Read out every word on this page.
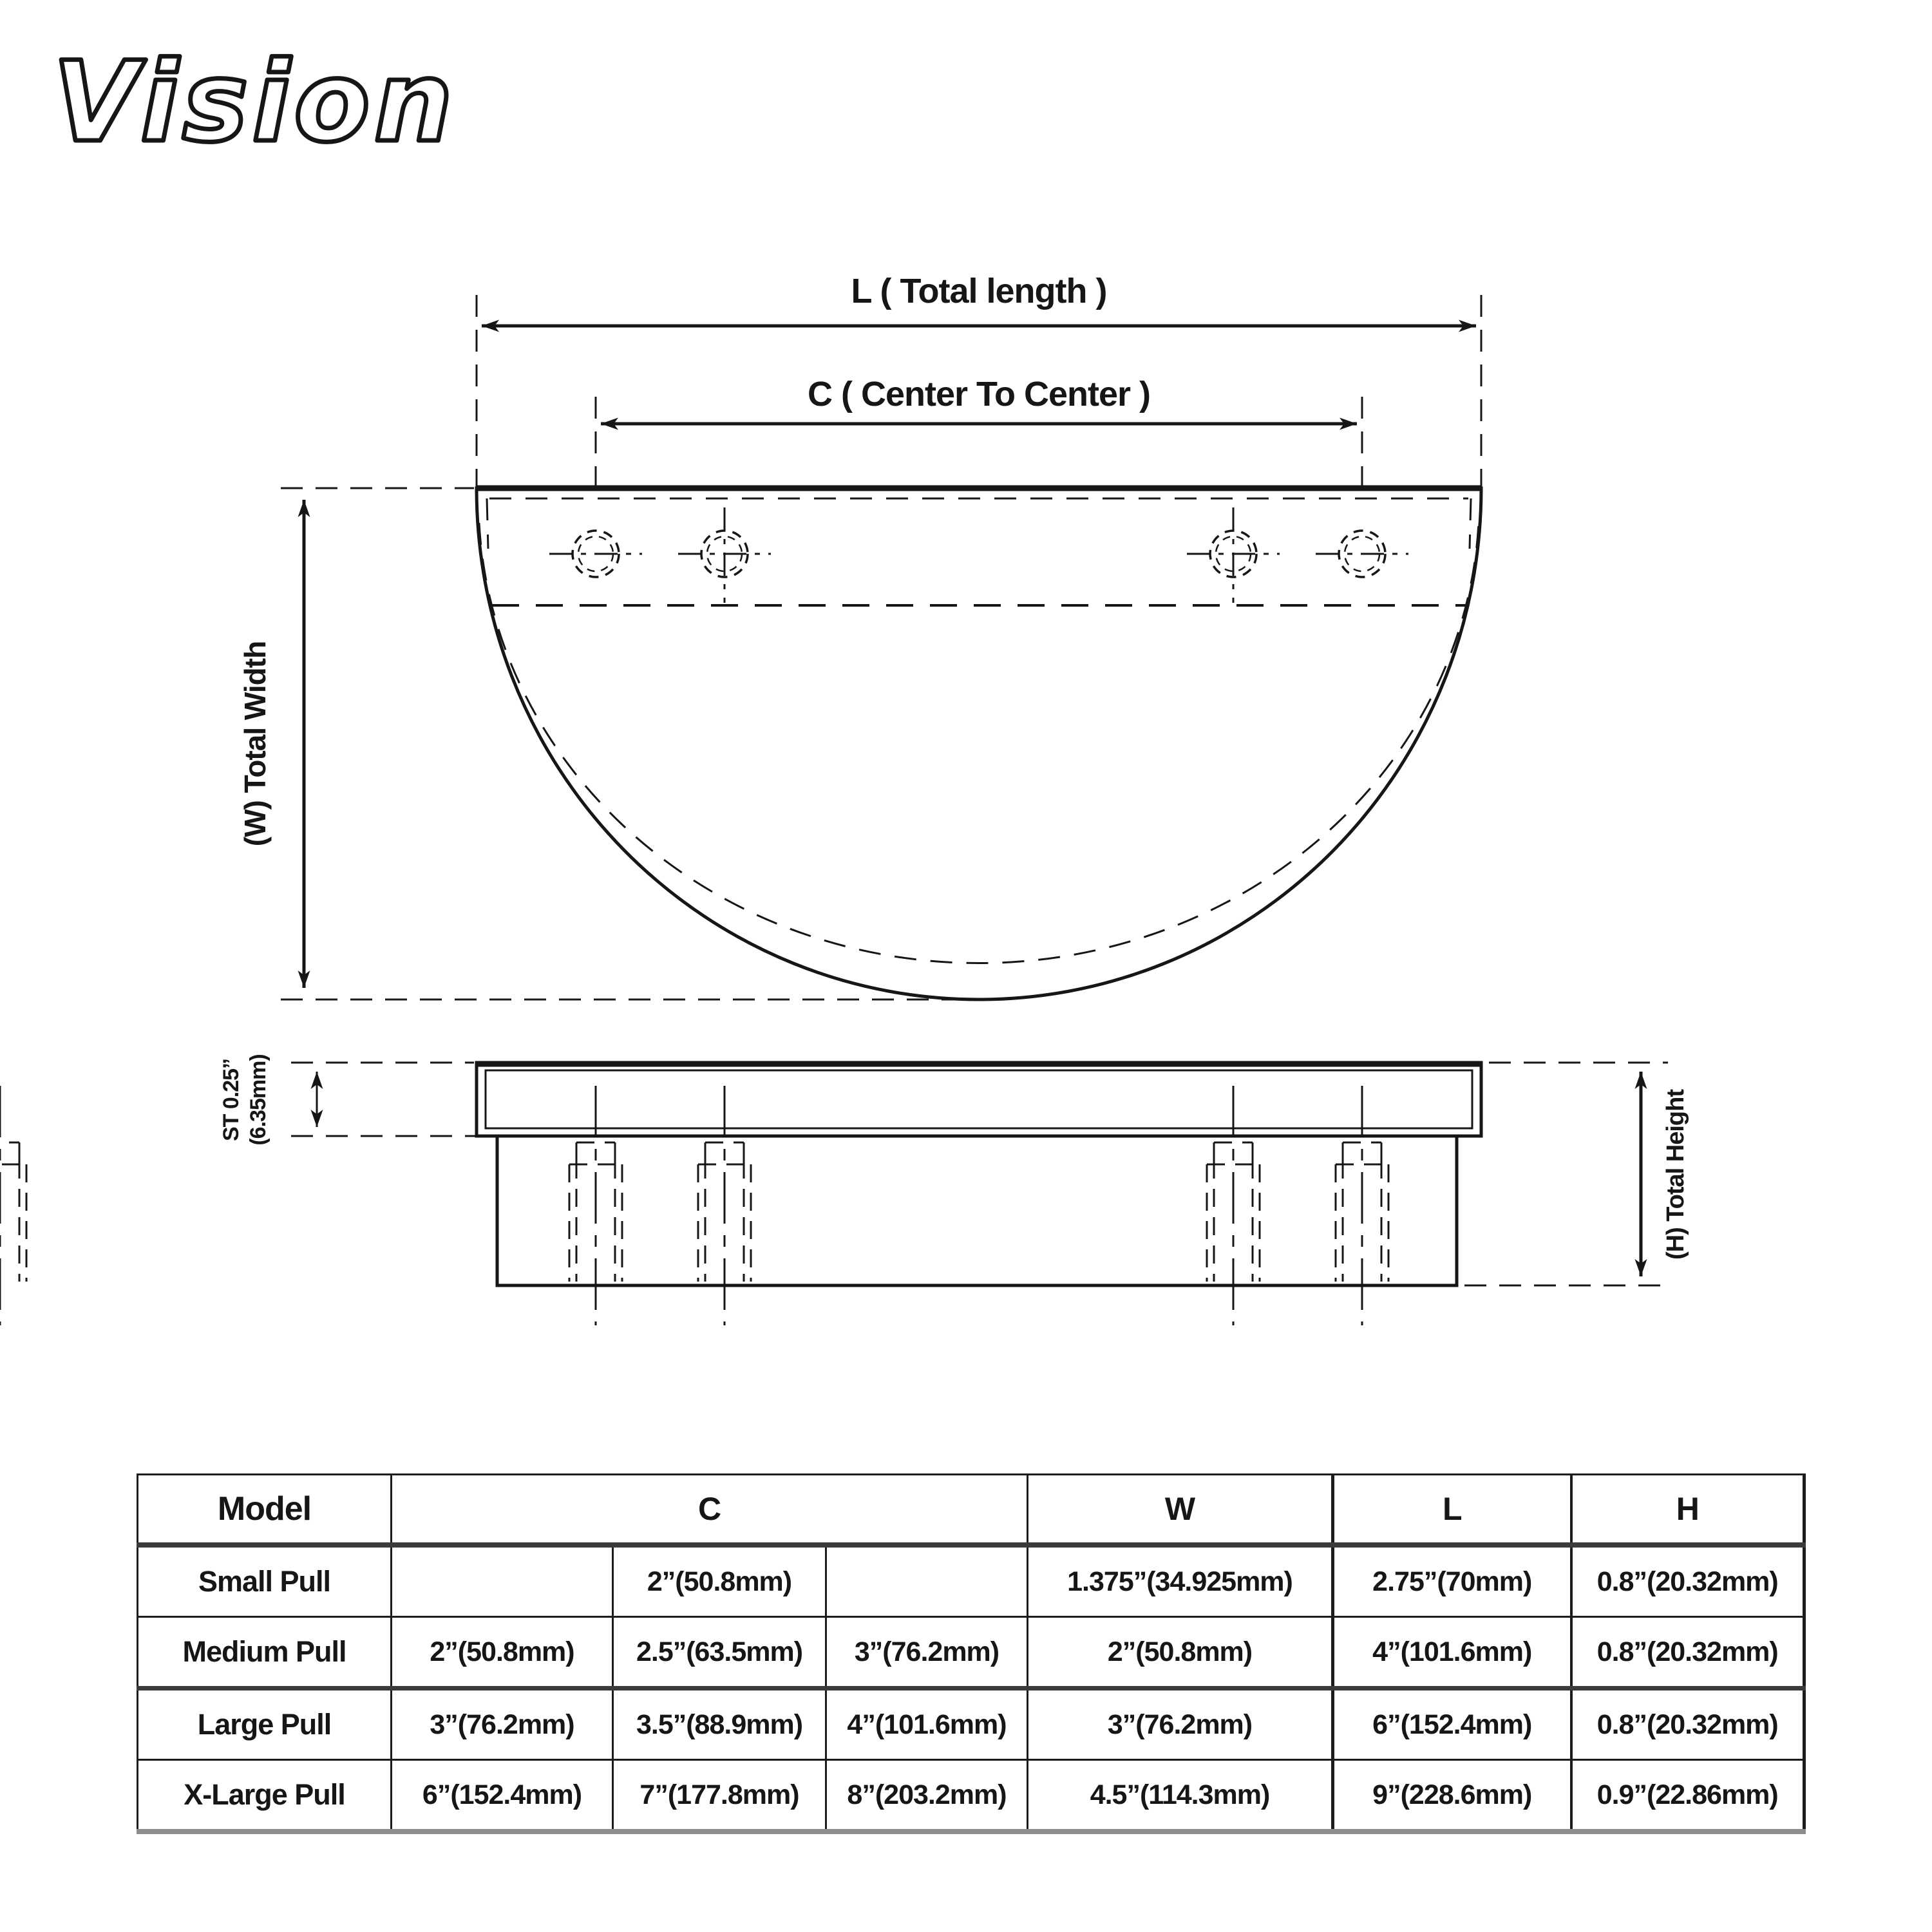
Vision
L ( Total length )
C ( Center To Center )
(W) Total Width
ST 0.25” (6.35mm)	(H) Total Height
Model	C			W	L	H
Small Pull		2”(50.8mm)		1.375”(34.925mm)	2.75”(70mm)	0.8”(20.32mm)
Medium Pull	2”(50.8mm)	2.5”(63.5mm)	3”(76.2mm)	2”(50.8mm)	4”(101.6mm)	0.8”(20.32mm)
Large Pull	3”(76.2mm)	3.5”(88.9mm)	4”(101.6mm)	3”(76.2mm)	6”(152.4mm)	0.8”(20.32mm)
X-Large Pull	6”(152.4mm)	7”(177.8mm)	8”(203.2mm)	4.5”(114.3mm)	9”(228.6mm)	0.9”(22.86mm)
